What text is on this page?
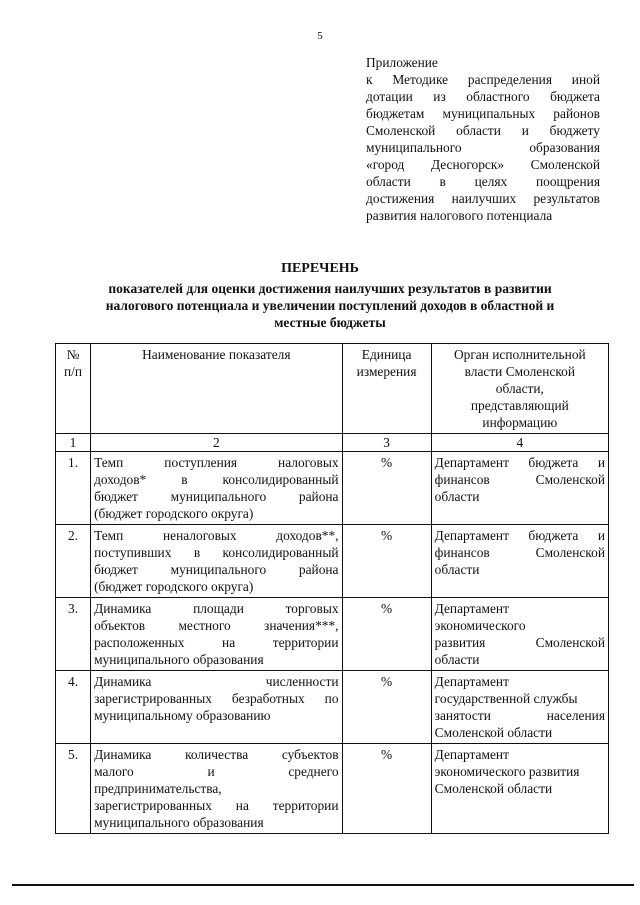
5
Приложение
к Методике распределения иной
дотации из областного бюджета
бюджетам муниципальных районов
Смоленской области и бюджету
муниципального образования
«город Десногорск» Смоленской
области в целях поощрения
достижения наилучших результатов
развития налогового потенциала
ПЕРЕЧЕНЬ
показателей для оценки достижения наилучших результатов в развитии
налогового потенциала и увеличении поступлений доходов в областной и
местные бюджеты
№
п/п	Наименование показателя	Единица
измерения	Орган исполнительной
власти Смоленской
области,
представляющий
информацию

1	2	3	4
1.	Темп поступления налоговых
доходов* в консолидированный
бюджет муниципального района
(бюджет городского округа)	%	Департамент бюджета и
финансов Смоленской
области

2.	Темп неналоговых доходов**,
поступивших в консолидированный
бюджет муниципального района
(бюджет городского округа)	%	Департамент бюджета и
финансов Смоленской
области

3.	Динамика площади торговых
объектов местного значения***,
расположенных на территории
муниципального образования	%	Департамент
экономического
развития Смоленской
области

4.	Динамика численности
зарегистрированных безработных по
муниципальному образованию	%	Департамент
государственной службы
занятости населения
Смоленской области

5.	Динамика количества субъектов
малого и среднего
предпринимательства,
зарегистрированных на территории
муниципального образования	%	Департамент
экономического развития
Смоленской области
